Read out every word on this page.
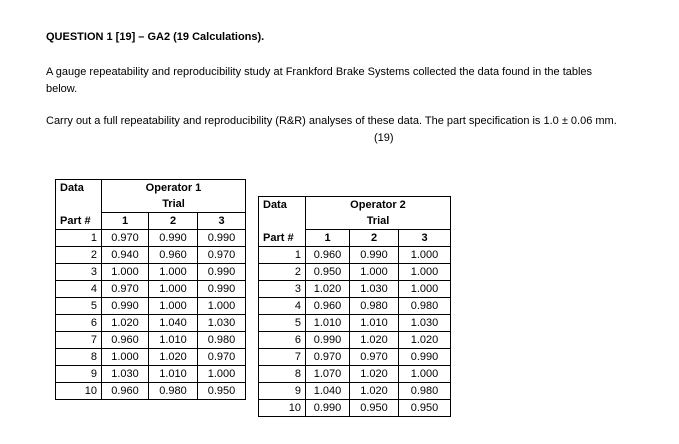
QUESTION 1 [19] – GA2 (19 Calculations).
A gauge repeatability and reproducibility study at Frankford Brake Systems collected the data found in the tables below.
Carry out a full repeatability and reproducibility (R&R) analyses of these data. The part specification is 1.0 ± 0.06 mm.
(19)
Data	Operator 1		
	Trial		
Part #	1	2	3
1	0.970	0.990	0.990
2	0.940	0.960	0.970
3	1.000	1.000	0.990
4	0.970	1.000	0.990
5	0.990	1.000	1.000
6	1.020	1.040	1.030
7	0.960	1.010	0.980
8	1.000	1.020	0.970
9	1.030	1.010	1.000
10	0.960	0.980	0.950
Data	Operator 2		
	Trial		
Part #	1	2	3
1	0.960	0.990	1.000
2	0.950	1.000	1.000
3	1.020	1.030	1.000
4	0.960	0.980	0.980
5	1.010	1.010	1.030
6	0.990	1.020	1.020
7	0.970	0.970	0.990
8	1.070	1.020	1.000
9	1.040	1.020	0.980
10	0.990	0.950	0.950
